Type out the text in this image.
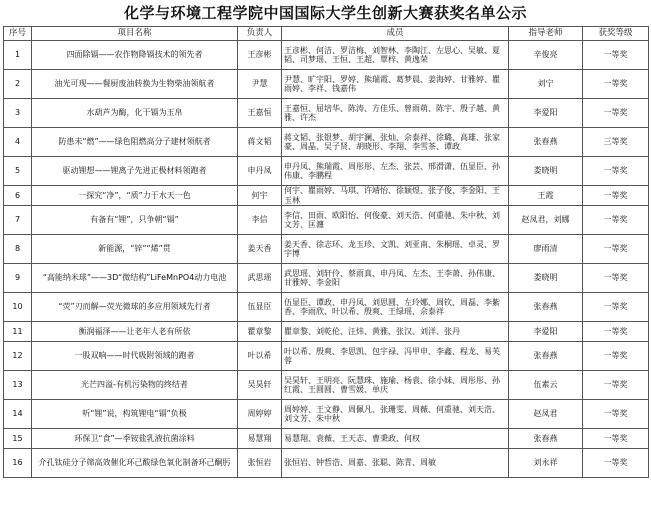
化学与环境工程学院中国国际大学生创新大赛获奖名单公示
序号	项目名称	负责人	成员	指导老师	获奖等级
1	四面除镉——农作物降镉技术的领先者	王彦彬	王彦彬、何洁、罗洁梅、刘智林、李陶江、左思心、吴敏、夏韬、司梦瑶、王恒、王超、覃梓、黄逸荣	辛俊亮	一等奖
2	油光可现——餐厨废油转换为生物柴油领航者	尹慧	尹慧、旷宇阳、罗婷、熊瑞霞、葛梦晨、姜海婷、甘雅婷、瞿雨婷、李祥、钱嘉伟	刘宁	一等奖
3	水葫芦为酶，化干镉为玉帛	王嘉恒	王嘉恒、屈培华、陈涛、方佳乐、曾雨萌、陈宇、殷子越、黄雅、许杰	李爱阳	一等奖
4	防患未“燃”——绿色阻燃高分子建材领航者	蒋文韬	蒋文韬、张银梦、胡宇澜、张灿、佘泰祥、徐璐、高雄、张家豪、周晶、吴子贤、胡晓形、李翔、李雪茶、谭政	张春燕	三等奖
5	驱动锂想——锂离子先进正极材料领跑者	申丹凤	申丹凤、熊瑞霞、周彤彤、左杰、张芸、邢滑潇、伍显臣、孙伟康、李鹏程	娄晓明	一等奖
6	一探究“净”，“质”力于水天一色	何宇	何宇、瞿雨婷、马琪、许靖怡、徐颖煜、张子俊、李金阳、王玉林	王霞	一等奖
7	有备有“锂”，只争朝“镉”	李信	李信、田雨、欧阳怡、何俊豪、刘天浩、何重驰、朱中秋、刘文芳、匡瀍	赵凤君，刘娜	一等奖
8	新能源，“锌”“烯”贯	姜天香	姜天香、徐志环、龙玉珍、文凯、刘亚南、朱桐瑶、卓灵、罗宇博	廖雨清	一等奖
9	“高能纳米球”——3D“微结构”LiFeMnPO4动力电池	武思瑶	武思瑶、刘轩伶、蔡雨真、申丹凤、左杰、王李萧、孙伟康、甘雅婷、李金阳	娄晓明	一等奖
10	“荧”刃而解—荧光微球的多应用领域先行者	伍显臣	伍显臣、谭政、申丹凤、刘思圆、左玲娜、周钦、周磊、李紫香、李雨欣、叶以希、殷爽、王绿瑶、佘泰祥	张春燕	一等奖
11	衡润福泽——让老年人老有所依	瞿章黎	瞿章黎、刘乾伦、汪炜、黄雅、张汉、刘洋、张丹	李爱阳	一等奖
12	一股双响——时代吸附领域的跑者	叶以希	叶以希、殷爽、李思凯、包宇禄、冯甲申、李鑫、程龙、易芙蓉	张春燕	一等奖
13	光芒四溢-有机污染物的终结者	吴昊轩	吴昊轩、王明亮、阮慧珠、施瑜、杨袁、徐小妹、周彤彤、孙红霞、王圆圆、曹雪媛、单庆	伍素云	一等奖
14	听“锂”说，构筑锂电“镉”负极	周婷婷	周婷婷、王文静、周佩凡、张珊雯、周薇、何重驰、刘天浩、刘文芳、朱中秋	赵凤君	一等奖
15	环保卫“食”—季铵盐乳液抗菌涂料	易慧翔	易慧翔、袁薇、王天志、曹秉政、何权	张春燕	一等奖
16	介孔钛硅分子筛高效催化环己酸绿色氧化制备环己酮肟	张恒岩	张恒岩、钟哲浩、周嘉、张聪、陈青、周敏	刘永祥	一等奖
